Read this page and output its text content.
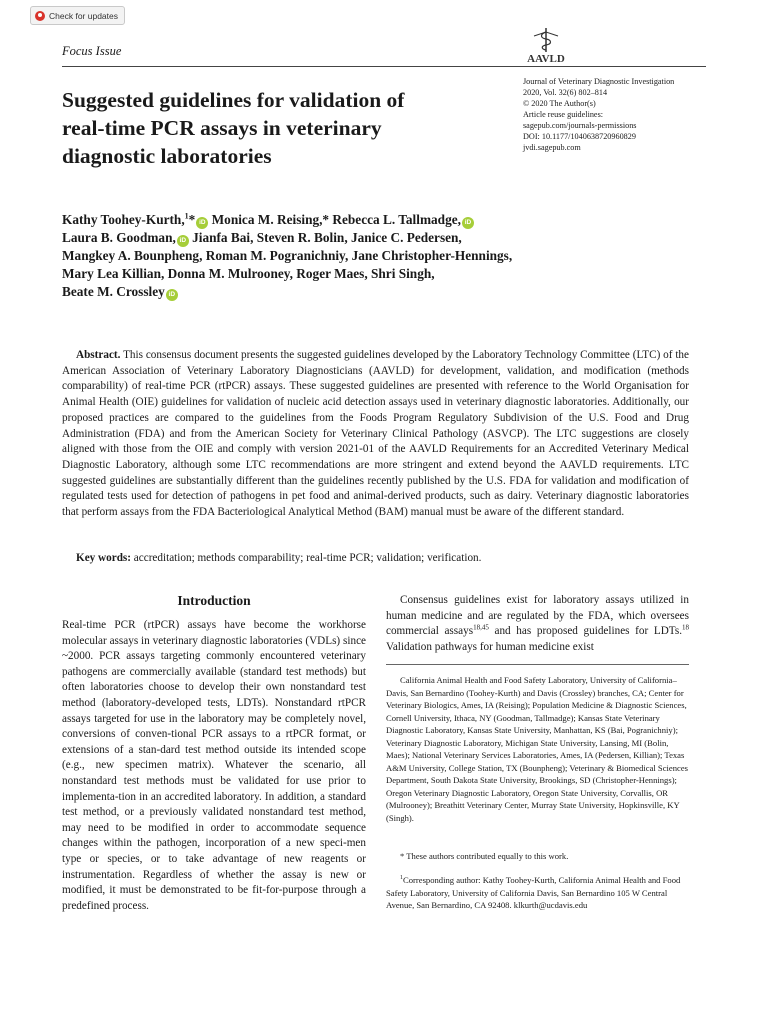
Check for updates
Focus Issue
AAVLD
Suggested guidelines for validation of real-time PCR assays in veterinary diagnostic laboratories
Journal of Veterinary Diagnostic Investigation
2020, Vol. 32(6) 802–814
© 2020 The Author(s)
Article reuse guidelines:
sagepub.com/journals-permissions
DOI: 10.1177/1040638720960829
jvdi.sagepub.com
Kathy Toohey-Kurth,$^1$* iD Monica M. Reising,* Rebecca L. Tallmadge, iD
Laura B. Goodman, iD Jianfa Bai, Steven R. Bolin, Janice C. Pedersen,
Mangkey A. Bounpheng, Roman M. Pogranichniy, Jane Christopher-Hennings,
Mary Lea Killian, Donna M. Mulrooney, Roger Maes, Shri Singh,
Beate M. Crossley iD

Abstract. This consensus document presents the suggested guidelines developed by the Laboratory Technology Committee (LTC) of the American Association of Veterinary Laboratory Diagnosticians (AAVLD) for development, validation, and modification (methods comparability) of real-time PCR (rtPCR) assays. These suggested guidelines are presented with reference to the World Organisation for Animal Health (OIE) guidelines for validation of nucleic acid detection assays used in veterinary diagnostic laboratories. Additionally, our proposed practices are compared to the guidelines from the Foods Program Regulatory Subdivision of the U.S. Food and Drug Administration (FDA) and from the American Society for Veterinary Clinical Pathology (ASVCP). The LTC suggestions are closely aligned with those from the OIE and comply with version 2021-01 of the AAVLD Requirements for an Accredited Veterinary Medical Diagnostic Laboratory, although some LTC recommendations are more stringent and extend beyond the AAVLD requirements. LTC suggested guidelines are substantially different than the guidelines recently published by the U.S. FDA for validation and modification of regulated tests used for detection of pathogens in pet food and animal-derived products, such as dairy. Veterinary diagnostic laboratories that perform assays from the FDA Bacteriological Analytical Method (BAM) manual must be aware of the different standard.

Key words: accreditation; methods comparability; real-time PCR; validation; verification.
Introduction

Real-time PCR (rtPCR) assays have become the workhorse molecular assays in veterinary diagnostic laboratories (VDLs) since ~2000. PCR assays targeting commonly encountered veterinary pathogens are commercially available (standard test methods) but often laboratories choose to develop their own nonstandard test method (laboratory-developed tests, LDTs). Nonstandard rtPCR assays targeted for use in the laboratory may be completely novel, conversions of conven-tional PCR assays to a rtPCR format, or extensions of a stan-dard test method outside its intended scope (e.g., new specimen matrix). Whatever the scenario, all nonstandard test methods must be validated for use prior to implementa-tion in an accredited laboratory. In addition, a standard test method, or a previously validated nonstandard test method, may need to be modified in order to accommodate sequence changes within the pathogen, incorporation of a new speci-men type or species, or to take advantage of new reagents or instrumentation. Regardless of whether the assay is new or modified, it must be demonstrated to be fit-for-purpose through a predefined process.

Consensus guidelines exist for laboratory assays utilized in human medicine and are regulated by the FDA, which oversees commercial assays$^{18,45}$ and has proposed guidelines for LDTs.$^{18}$ Validation pathways for human medicine exist

California Animal Health and Food Safety Laboratory, University of California–Davis, San Bernardino (Toohey-Kurth) and Davis (Crossley) branches, CA; Center for Veterinary Biologics, Ames, IA (Reising); Population Medicine & Diagnostic Sciences, Cornell University, Ithaca, NY (Goodman, Tallmadge); Kansas State Veterinary Diagnostic Laboratory, Kansas State University, Manhattan, KS (Bai, Pogranichniy); Veterinary Diagnostic Laboratory, Michigan State University, Lansing, MI (Bolin, Maes); National Veterinary Services Laboratories, Ames, IA (Pedersen, Killian); Texas A&M University, College Station, TX (Bounpheng); Veterinary & Biomedical Sciences Department, South Dakota State University, Brookings, SD (Christopher-Hennings); Oregon Veterinary Diagnostic Laboratory, Oregon State University, Corvallis, OR (Mulrooney); Breathitt Veterinary Center, Murray State University, Hopkinsville, KY (Singh).

* These authors contributed equally to this work.

$^1$Corresponding author: Kathy Toohey-Kurth, California Animal Health and Food Safety Laboratory, University of California Davis, San Bernardino 105 W Central Avenue, San Bernardino, CA 92408. klkurth@ucdavis.edu
